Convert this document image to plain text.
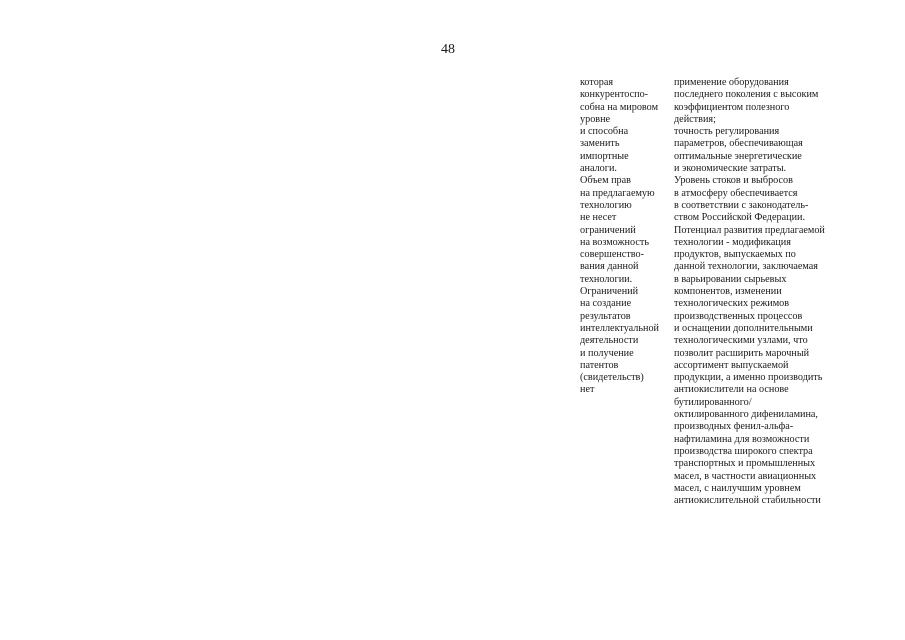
48
которая
конкурентоспо-
собна на мировом
уровне
и способна
заменить
импортные
аналоги.
Объем прав
на предлагаемую
технологию
не несет
ограничений
на возможность
совершенство-
вания данной
технологии.
Ограничений
на создание
результатов
интеллектуальной
деятельности
и получение
патентов
(свидетельств)
нет
применение оборудования
последнего поколения с высоким
коэффициентом полезного
действия;
точность регулирования
параметров, обеспечивающая
оптимальные энергетические
и экономические затраты.
Уровень стоков и выбросов
в атмосферу обеспечивается
в соответствии с законодатель-
ством Российской Федерации.
Потенциал развития предлагаемой
технологии - модификация
продуктов, выпускаемых по
данной технологии, заключаемая
в варьировании сырьевых
компонентов, изменении
технологических режимов
производственных процессов
и оснащении дополнительными
технологическими узлами, что
позволит расширить марочный
ассортимент выпускаемой
продукции, а именно производить
антиокислители на основе
бутилированного/
октилированного дифениламина,
производных фенил-альфа-
нафтиламина для возможности
производства широкого спектра
транспортных и промышленных
масел, в частности авиационных
масел, с наилучшим уровнем
антиокислительной стабильности
